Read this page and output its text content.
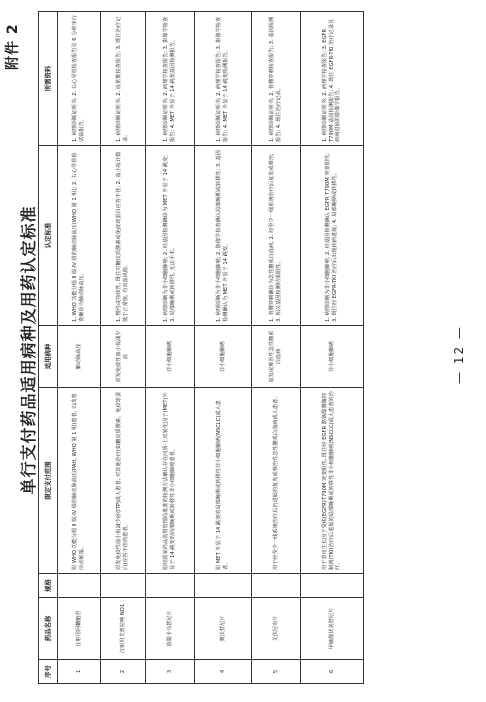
附件 2
单行支付药品适用病种及用药认定标准
序号	药品名称	规格	限定支付范围	适用病种	认定标准	所需资料
1	注射用阿糖胞苷		限 WHO 功能分级 Ⅱ 级-Ⅳ 级的肺动脉高压(PAH, WHO 第 1 组)患者, 以改善活动耐量。	肺动脉高压	1. WHO 功能分级 Ⅱ 级-Ⅳ 级的肺动脉高压(WHO 第 1 组); 2. 右心导管检查确诊为肺动脉高压。	1. 病情诊断证明书; 2. 右心导管检查报告及 6 分钟步行试验报告。
2	注射用艾普拉唑 NO1		原发免疫性血小板减少症(ITP)成人患者, 对其他治疗(如糖皮质激素、免疫球蛋白)应答不佳的患者。	原发免疫性血小板减少症	1. 慢性或持续性, 既往对糖皮质激素或免疫球蛋白应答不佳; 2. 血小板计数低于正常值, 有出血风险。	1. 病情诊断证明书; 2. 血常规检查报告; 3. 既往治疗记录。
3	盐酸卡马替尼片		限经国家药品监督管理局批准的检测方法确认存在间质-上皮转化因子(MET)外显子 14 跳变的局部晚期或转移性非小细胞肺癌患者。	非小细胞肺癌	1. 病理诊断为非小细胞肺癌; 2. 经基因检测确诊为 MET 外显子 14 跳变; 3. 局部晚期或转移性, 无法手术。	1. 病情诊断证明书; 2. 病理学检查报告; 3. 影像学检查报告; 4. MET 外显子 14 跳变基因检测报告。
4	赛沃替尼片		限 MET 外显子 14 跳变的局部晚期或转移性非小细胞肺癌(NSCLC)成人患者。	非小细胞肺癌	1. 病理诊断为非小细胞肺癌; 2. 影像学检查确认局部晚期或转移性; 3. 基因检测确认为 MET 外显子 14 跳变。	1. 病情诊断证明书; 2. 病理学检查报告; 3. 影像学检查报告; 4. MET 外显子 14 跳变检测报告。
5	艾伏尼布片		用于经至少一线系统治疗后仍进展的复发或难治性急性髓系白血病成人患者。	复发或难治性急性髓系白血病	1. 骨髓穿刺确诊为急性髓系白血病; 2. 经至少一线系统治疗后复发或难治; 3. 相关基因检测结果阳性。	1. 病情诊断证明书; 2. 骨髓穿刺检查报告; 3. 基因检测报告; 4. 既往治疗记录。
6	甲磺酸伏美替尼片		用于表皮生长因子受体(EGFR)T790M 突变阳性, 既往经 EGFR 酪氨酸激酶抑制剂(TKI)治疗后进展的局部晚期或转移性非小细胞肺癌(NSCLC)成人患者的治疗。	非小细胞肺癌	1. 病理诊断为非小细胞肺癌; 2. 经基因检测确认 EGFR T790M 突变阳性; 3. 既往经 EGFR-TKI 治疗后出现疾病进展; 4. 局部晚期或转移性。	1. 病情诊断证明书; 2. 病理学检查报告; 3. EGFR T790M 基因检测报告; 4. 既往 EGFR-TKI 治疗记录及疾病进展的影像学报告。
— 12 —
